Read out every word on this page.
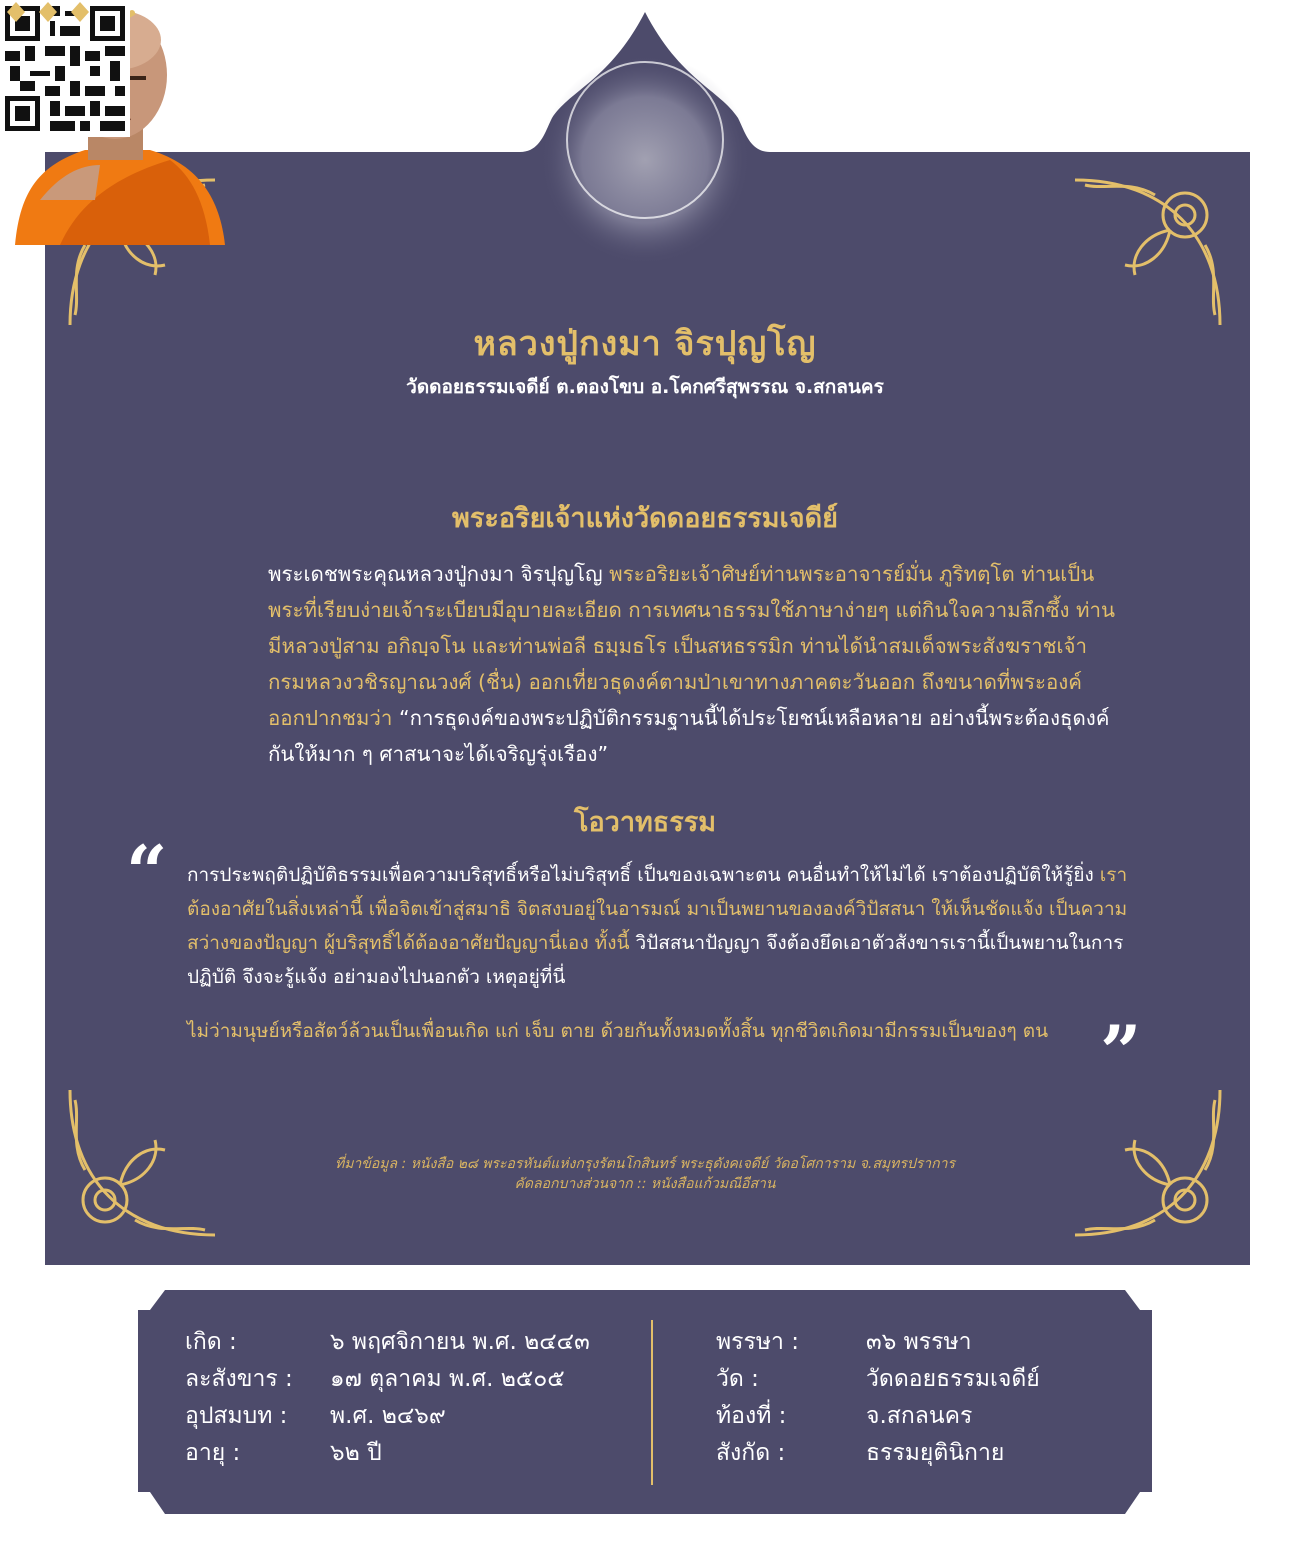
หลวงปู่กงมา จิรปุญโญ
วัดดอยธรรมเจดีย์ ต.ตองโขบ อ.โคกศรีสุพรรณ จ.สกลนคร
พระอริยเจ้าแห่งวัดดอยธรรมเจดีย์
พระเดชพระคุณหลวงปู่กงมา จิรปุญโญ พระอริยะเจ้าศิษย์ท่านพระอาจารย์มั่น ภูริทตฺโต ท่านเป็น
พระที่เรียบง่ายเจ้าระเบียบมีอุบายละเอียด การเทศนาธรรมใช้ภาษาง่ายๆ แต่กินใจความลึกซึ้ง ท่าน
มีหลวงปู่สาม อกิญฺจโน และท่านพ่อลี ธมฺมธโร เป็นสหธรรมิก ท่านได้นำสมเด็จพระสังฆราชเจ้า
กรมหลวงวชิรญาณวงศ์ (ชื่น) ออกเที่ยวธุดงค์ตามป่าเขาทางภาคตะวันออก ถึงขนาดที่พระองค์
ออกปากชมว่า “การธุดงค์ของพระปฏิบัติกรรมฐานนี้ได้ประโยชน์เหลือหลาย อย่างนี้พระต้องธุดงค์
กันให้มาก ๆ ศาสนาจะได้เจริญรุ่งเรือง”
โอวาทธรรม
“ การประพฤติปฏิบัติธรรมเพื่อความบริสุทธิ์หรือไม่บริสุทธิ์ เป็นของเฉพาะตน คนอื่นทำให้ไม่ได้ เราต้องปฏิบัติให้รู้ยิ่ง เรา
ต้องอาศัยในสิ่งเหล่านี้ เพื่อจิตเข้าสู่สมาธิ จิตสงบอยู่ในอารมณ์ มาเป็นพยานขององค์วิปัสสนา ให้เห็นชัดแจ้ง เป็นความ
สว่างของปัญญา ผู้บริสุทธิ์ได้ต้องอาศัยปัญญานี่เอง ทั้งนี้ วิปัสสนาปัญญา จึงต้องยึดเอาตัวสังขารเรานี้เป็นพยานในการ
ปฏิบัติ จึงจะรู้แจ้ง อย่ามองไปนอกตัว เหตุอยู่ที่นี่
ไม่ว่ามนุษย์หรือสัตว์ล้วนเป็นเพื่อนเกิด แก่ เจ็บ ตาย ด้วยกันทั้งหมดทั้งสิ้น ทุกชีวิตเกิดมามีกรรมเป็นของๆ ตน ”
ที่มาข้อมูล : หนังสือ ๒๘ พระอรหันต์แห่งกรุงรัตนโกสินทร์ พระธุดังคเจดีย์ วัดอโศการาม จ.สมุทรปราการ
คัดลอกบางส่วนจาก :: หนังสือแก้วมณีอีสาน
เกิด :	๖ พฤศจิกายน พ.ศ. ๒๔๔๓
ละสังขาร : ๑๗ ตุลาคม พ.ศ. ๒๕๐๕
อุปสมบท : พ.ศ. ๒๔๖๙
อายุ :	๖๒ ปี
พรรษา :	๓๖ พรรษา
วัด :	วัดดอยธรรมเจดีย์
ท้องที่ :	จ.สกลนคร
สังกัด :	ธรรมยุตินิกาย
